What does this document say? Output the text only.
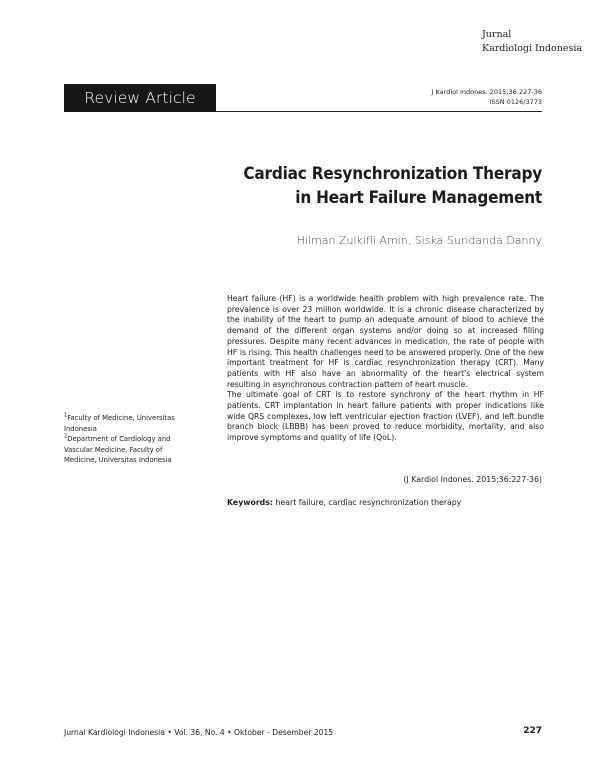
Jurnal
Kardiologi Indonesia
J Kardiol Indones. 2015;36:227-36
ISSN 0126/3773
Review Article
Cardiac Resynchronization Therapy
in Heart Failure Management
Hilman Zulkifli Amin, Siska Suridanda Danny

$^1$Faculty of Medicine, Universitas Indonesia

$^2$Department of Cardiology and Vascular Medicine, Faculty of Medicine, Universitas Indonesia

Heart failure (HF) is a worldwide health problem with high prevalence rate. The prevalence is over 23 million worldwide. It is a chronic disease characterized by the inability of the heart to pump an adequate amount of blood to achieve the demand of the different organ systems and/or doing so at increased filling pressures. Despite many recent advances in medication, the rate of people with HF is rising. This health challenges need to be answered properly. One of the new important treatment for HF is cardiac resynchronization therapy (CRT). Many patients with HF also have an abnormality of the heart's electrical system resulting in asynchronous contraction pattern of heart muscle.

The ultimate goal of CRT is to restore synchrony of the heart rhythm in HF patients. CRT implantation in heart failure patients with proper indications like wide QRS complexes, low left ventricular ejection fraction (LVEF), and left bundle branch block (LBBB) has been proved to reduce morbidity, mortality, and also improve symptoms and quality of life (QoL).

(J Kardiol Indones. 2015;36:227-36)
Keywords: heart failure, cardiac resynchronization therapy
Jurnal Kardiologi Indonesia • Vol. 36, No. 4 • Oktober - Desember 2015	227
